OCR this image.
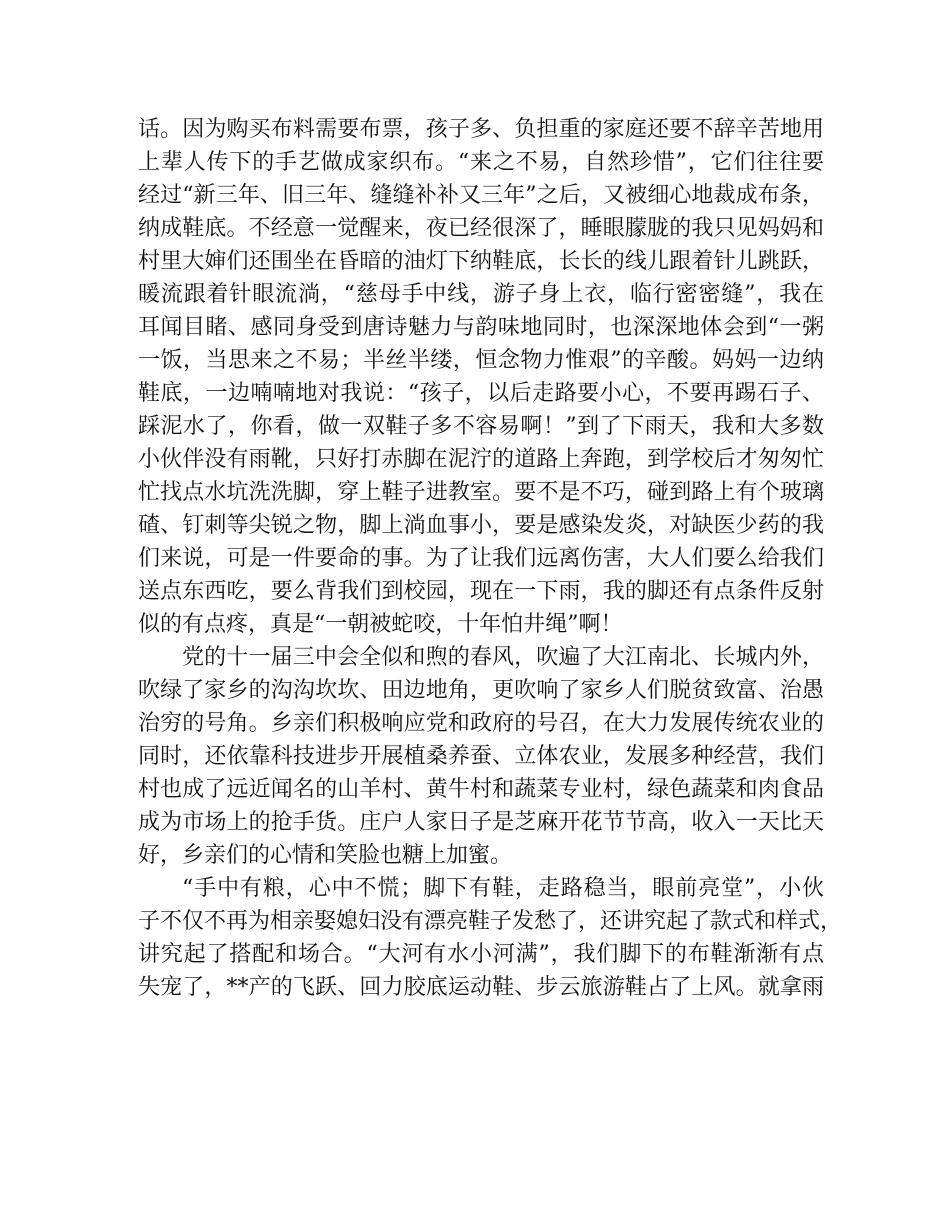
话。因为购买布料需要布票，孩子多、负担重的家庭还要不辞辛苦地用
上辈人传下的手艺做成家织布。“来之不易，自然珍惜”，它们往往要
经过“新三年、旧三年、缝缝补补又三年”之后，又被细心地裁成布条，
纳成鞋底。不经意一觉醒来，夜已经很深了，睡眼朦胧的我只见妈妈和
村里大婶们还围坐在昏暗的油灯下纳鞋底，长长的线儿跟着针儿跳跃，
暖流跟着针眼流淌，“慈母手中线，游子身上衣，临行密密缝”，我在
耳闻目睹、感同身受到唐诗魅力与韵味地同时，也深深地体会到“一粥
一饭，当思来之不易；半丝半缕，恒念物力惟艰”的辛酸。妈妈一边纳
鞋底，一边喃喃地对我说：“孩子，以后走路要小心，不要再踢石子、
踩泥水了，你看，做一双鞋子多不容易啊！”到了下雨天，我和大多数
小伙伴没有雨靴，只好打赤脚在泥泞的道路上奔跑，到学校后才匆匆忙
忙找点水坑洗洗脚，穿上鞋子进教室。要不是不巧，碰到路上有个玻璃
碴、钉刺等尖锐之物，脚上淌血事小，要是感染发炎，对缺医少药的我
们来说，可是一件要命的事。为了让我们远离伤害，大人们要么给我们
送点东西吃，要么背我们到校园，现在一下雨，我的脚还有点条件反射
似的有点疼，真是“一朝被蛇咬，十年怕井绳”啊！
党的十一届三中会全似和煦的春风，吹遍了大江南北、长城内外，
吹绿了家乡的沟沟坎坎、田边地角，更吹响了家乡人们脱贫致富、治愚
治穷的号角。乡亲们积极响应党和政府的号召，在大力发展传统农业的
同时，还依靠科技进步开展植桑养蚕、立体农业，发展多种经营，我们
村也成了远近闻名的山羊村、黄牛村和蔬菜专业村，绿色蔬菜和肉食品
成为市场上的抢手货。庄户人家日子是芝麻开花节节高，收入一天比天
好，乡亲们的心情和笑脸也糖上加蜜。
“手中有粮，心中不慌；脚下有鞋，走路稳当，眼前亮堂”，小伙
子不仅不再为相亲娶媳妇没有漂亮鞋子发愁了，还讲究起了款式和样式，
讲究起了搭配和场合。“大河有水小河满”，我们脚下的布鞋渐渐有点
失宠了，**产的飞跃、回力胶底运动鞋、步云旅游鞋占了上风。就拿雨
